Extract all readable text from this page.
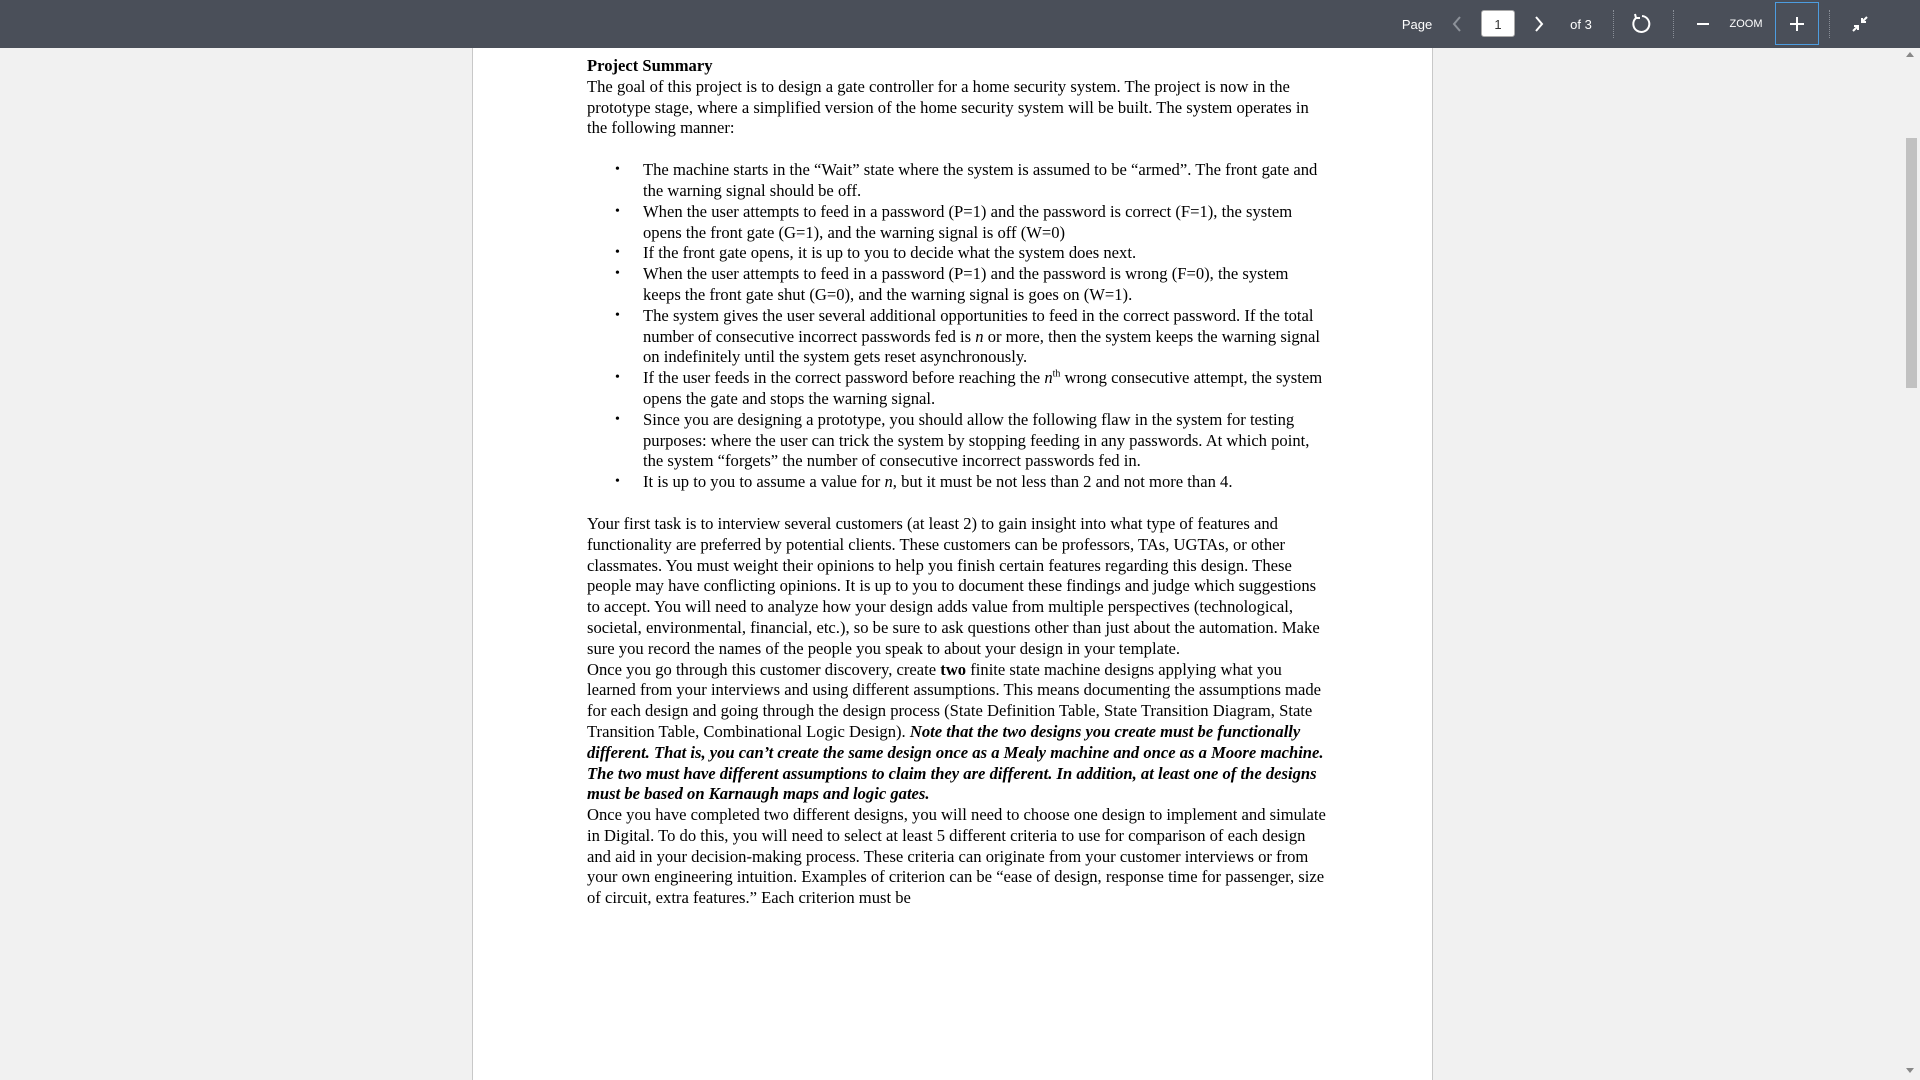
Page	1	of 3	ZOOM

Project Summary

The goal of this project is to design a gate controller for a home security system. The project is now in the prototype stage, where a simplified version of the home security system will be built. The system operates in the following manner:

• The machine starts in the “Wait” state where the system is assumed to be “armed”. The front gate and the warning signal should be off.
• When the user attempts to feed in a password (P=1) and the password is correct (F=1), the system opens the front gate (G=1), and the warning signal is off (W=0)
• If the front gate opens, it is up to you to decide what the system does next.
• When the user attempts to feed in a password (P=1) and the password is wrong (F=0), the system keeps the front gate shut (G=0), and the warning signal is goes on (W=1).
• The system gives the user several additional opportunities to feed in the correct password. If the total number of consecutive incorrect passwords fed is n or more, then the system keeps the warning signal on indefinitely until the system gets reset asynchronously.
• If the user feeds in the correct password before reaching the $n^{th}$ wrong consecutive attempt, the system opens the gate and stops the warning signal.
• Since you are designing a prototype, you should allow the following flaw in the system for testing purposes: where the user can trick the system by stopping feeding in any passwords. At which point, the system “forgets” the number of consecutive incorrect passwords fed in.
• It is up to you to assume a value for n, but it must be not less than 2 and not more than 4.

Your first task is to interview several customers (at least 2) to gain insight into what type of features and functionality are preferred by potential clients. These customers can be professors, TAs, UGTAs, or other classmates. You must weight their opinions to help you finish certain features regarding this design. These people may have conflicting opinions. It is up to you to document these findings and judge which suggestions to accept. You will need to analyze how your design adds value from multiple perspectives (technological, societal, environmental, financial, etc.), so be sure to ask questions other than just about the automation. Make sure you record the names of the people you speak to about your design in your template.

Once you go through this customer discovery, create two finite state machine designs applying what you learned from your interviews and using different assumptions. This means documenting the assumptions made for each design and going through the design process (State Definition Table, State Transition Diagram, State Transition Table, Combinational Logic Design). Note that the two designs you create must be functionally different. That is, you can’t create the same design once as a Mealy machine and once as a Moore machine. The two must have different assumptions to claim they are different. In addition, at least one of the designs must be based on Karnaugh maps and logic gates.

Once you have completed two different designs, you will need to choose one design to implement and simulate in Digital. To do this, you will need to select at least 5 different criteria to use for comparison of each design and aid in your decision-making process. These criteria can originate from your customer interviews or from your own engineering intuition. Examples of criterion can be “ease of design, response time for passenger, size of circuit, extra features.” Each criterion must be
